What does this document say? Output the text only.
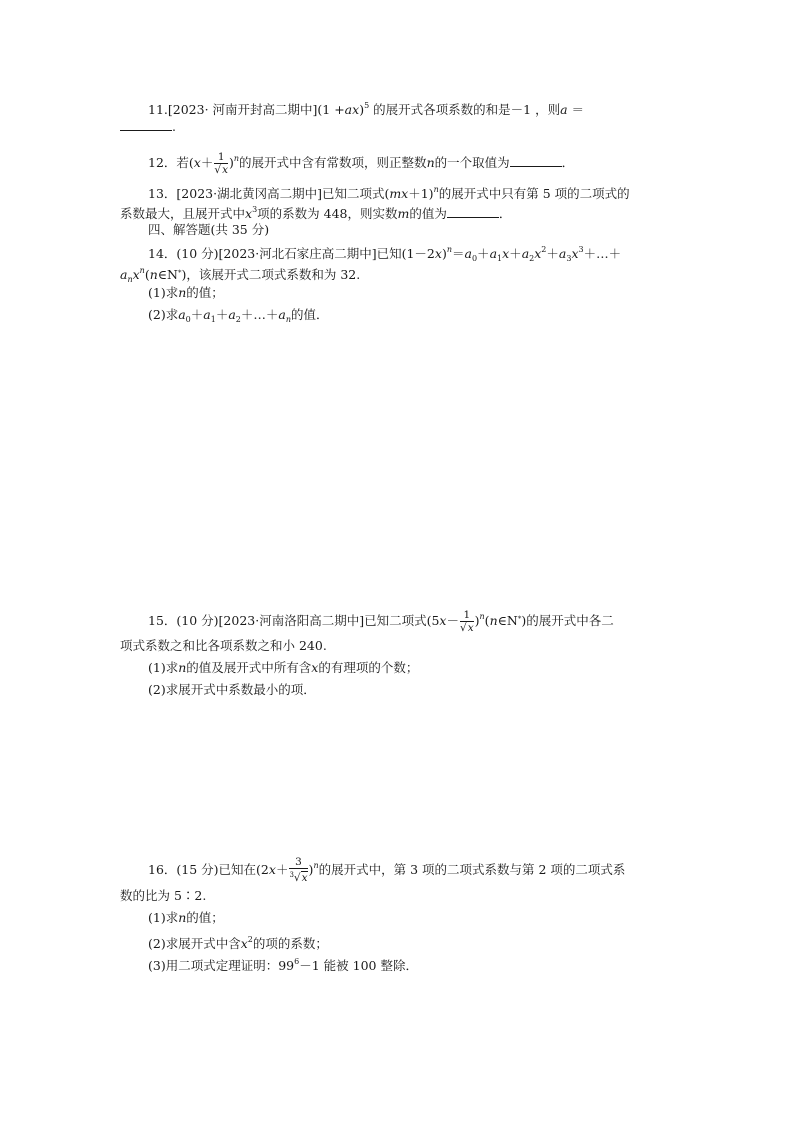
11.[2023· 河南开封高二期中]$(1 +ax)^5$ 的展开式各项系数的和是－1 ，则a ＝
.
12．若$(x+ \frac{1}{√x} )^n$的展开式中含有常数项，则正整数n的一个取值为	．
13．[2023·湖北黄冈高二期中]已知二项式$(mx+1)^n$的展开式中只有第 5 项的二项式的
系数最大，且展开式中$x^3$项的系数为 448，则实数m的值为	．
四、解答题(共 35 分)
14．(10 分)[2023·河北石家庄高二期中]已知$(1-2x)^n=a_0+a_1x+a_2x^2+a_3x^3+\dots+$
$a_nx^n(n\in N^*)$，该展开式二项式系数和为 32.
(1)求n的值；
(2)求$a_0+a_1+a_2+\dots+a_n$的值．
15．(10 分)[2023·河南洛阳高二期中]已知二项式($5x- \frac{1}{√x}$ )$^n(n\in N^*)$的展开式中各二
项式系数之和比各项系数之和小 240.
(1)求n的值及展开式中所有含x的有理项的个数；
(2)求展开式中系数最小的项．
16．(15 分)已知在$(2x+ \frac{3}{^3√x} )^n$的展开式中，第 3 项的二项式系数与第 2 项的二项式系
数的比为 5∶2.
(1)求n的值；
(2)求展开式中含$x^2$的项的系数；
(3)用二项式定理证明：$99^6-1$ 能被 100 整除．
